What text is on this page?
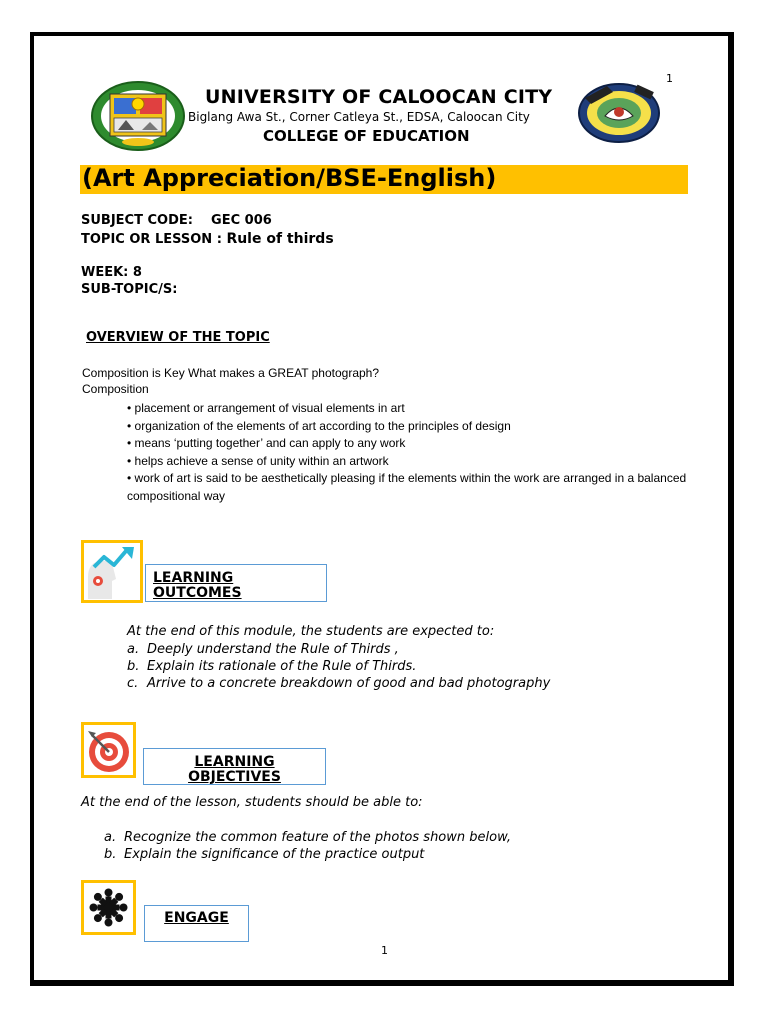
1
UNIVERSITY OF CALOOCAN CITY
Biglang Awa St., Corner Catleya St., EDSA, Caloocan City
COLLEGE OF EDUCATION
(Art Appreciation/BSE-English)
SUBJECT CODE:    GEC 006
TOPIC OR LESSON : Rule of thirds
WEEK: 8
SUB-TOPIC/S:
OVERVIEW OF THE TOPIC
Composition is Key What makes a GREAT photograph?
Composition
• placement or arrangement of visual elements in art
• organization of the elements of art according to the principles of design
• means ‘putting together’ and can apply to any work
• helps achieve a sense of unity within an artwork
• work of art is said to be aesthetically pleasing if the elements within the work are arranged in a balanced compositional way
LEARNING
OUTCOMES
At the end of this module, the students are expected to:
a. Deeply understand the Rule of Thirds ,
b. Explain its rationale of the Rule of Thirds.
c. Arrive to a concrete breakdown of good and bad photography
LEARNING
OBJECTIVES
At the end of the lesson, students should be able to:
a. Recognize the common feature of the photos shown below,
b. Explain the significance of the practice output
ENGAGE
1
